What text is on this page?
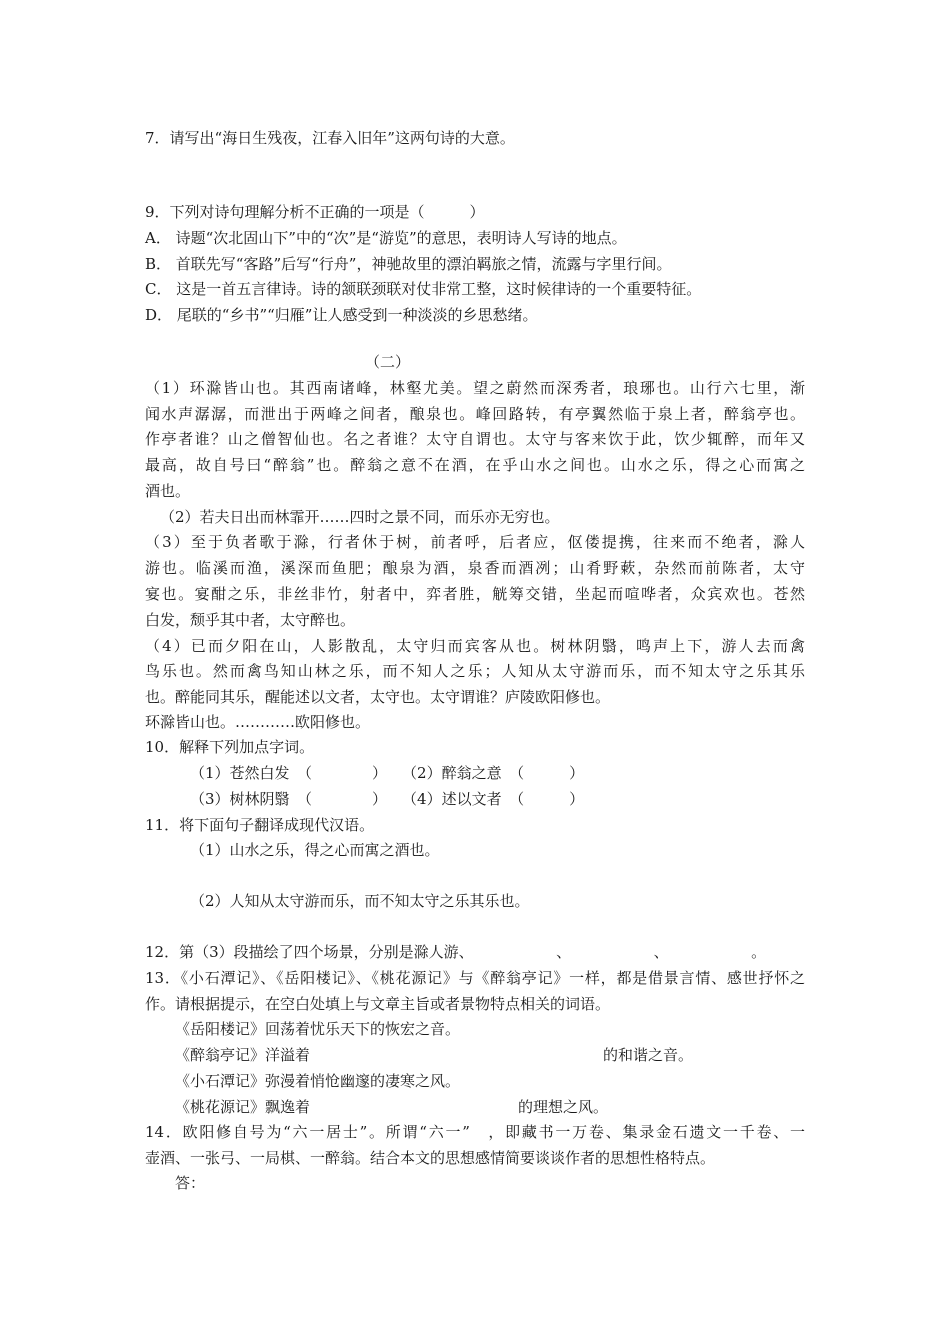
7．请写出“海日生残夜，江春入旧年”这两句诗的大意。
9．下列对诗句理解分析不正确的一项是（　　　）
A． 诗题“次北固山下”中的“次”是“游览”的意思，表明诗人写诗的地点。
B． 首联先写“客路”后写“行舟”，神驰故里的漂泊羁旅之情，流露与字里行间。
C． 这是一首五言律诗。诗的颔联颈联对仗非常工整，这时候律诗的一个重要特征。
D． 尾联的“乡书”“归雁”让人感受到一种淡淡的乡思愁绪。
（二）
（1）环滁皆山也。其西南诸峰，林壑尤美。望之蔚然而深秀者，琅琊也。山行六七里，渐
闻水声潺潺，而泄出于两峰之间者，酿泉也。峰回路转，有亭翼然临于泉上者，醉翁亭也。
作亭者谁？山之僧智仙也。名之者谁？太守自谓也。太守与客来饮于此，饮少辄醉，而年又
最高，故自号曰“醉翁”也。醉翁之意不在酒，在乎山水之间也。山水之乐，得之心而寓之
酒也。
（2）若夫日出而林霏开……四时之景不同，而乐亦无穷也。
（3）至于负者歌于滁，行者休于树，前者呼，后者应，伛偻提携，往来而不绝者，滁人
游也。临溪而渔，溪深而鱼肥；酿泉为酒，泉香而酒冽；山肴野蔌，杂然而前陈者，太守
宴也。宴酣之乐，非丝非竹，射者中，弈者胜，觥筹交错，坐起而喧哗者，众宾欢也。苍然
白发，颓乎其中者，太守醉也。
（4）已而夕阳在山，人影散乱，太守归而宾客从也。树林阴翳，鸣声上下，游人去而禽
鸟乐也。然而禽鸟知山林之乐，而不知人之乐；人知从太守游而乐，而不知太守之乐其乐
也。醉能同其乐，醒能述以文者，太守也。太守谓谁？庐陵欧阳修也。
环滁皆山也。…………欧阳修也。
10．解释下列加点字词。
（1）苍然白发　（　　　　）　　（2）醉翁之意　（　　　）
（3）树林阴翳　（　　　　）　　（4）述以文者　（　　　）
11．将下面句子翻译成现代汉语。
（1）山水之乐，得之心而寓之酒也。
（2）人知从太守游而乐，而不知太守之乐其乐也。
12．第（3）段描绘了四个场景，分别是滁人游、　　　　　　、　　　　　　、　　　　　　。
13．《小石潭记》、《岳阳楼记》、《桃花源记》与《醉翁亭记》一样，都是借景言情、感世抒怀之
作。请根据提示，在空白处填上与文章主旨或者景物特点相关的词语。
《岳阳楼记》回荡着忧乐天下的恢宏之音。
《醉翁亭记》洋溢着	的和谐之音。
《小石潭记》弥漫着悄怆幽邃的凄寒之风。
《桃花源记》飘逸着	的理想之风。
14．欧阳修自号为“六一居士”。所谓“六一”　，即藏书一万卷、集录金石遗文一千卷、一
壶酒、一张弓、一局棋、一醉翁。结合本文的思想感情简要谈谈作者的思想性格特点。
答：
